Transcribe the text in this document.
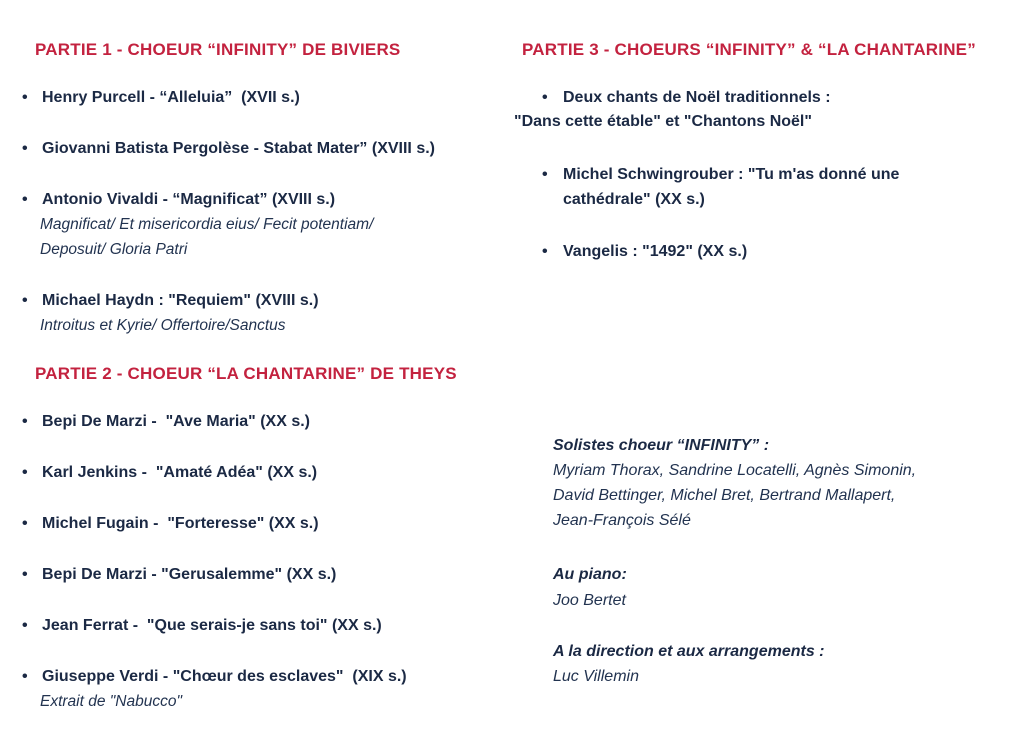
PARTIE 1 - CHOEUR “INFINITY” DE BIVIERS
• Henry Purcell - “Alleluia”  (XVII s.)
• Giovanni Batista Pergolèse - Stabat Mater” (XVIII s.)
• Antonio Vivaldi - “Magnificat” (XVIII s.)
Magnificat/ Et misericordia eius/ Fecit potentiam/
Deposuit/ Gloria Patri
• Michael Haydn : "Requiem" (XVIII s.)
Introitus et Kyrie/ Offertoire/Sanctus
PARTIE 2 - CHOEUR “LA CHANTARINE” DE THEYS
• Bepi De Marzi -  "Ave Maria" (XX s.)
• Karl Jenkins -  "Amaté Adéa" (XX s.)
• Michel Fugain -  "Forteresse" (XX s.)
• Bepi De Marzi - "Gerusalemme" (XX s.)
• Jean Ferrat -  "Que serais-je sans toi" (XX s.)
• Giuseppe Verdi - "Chœur des esclaves"  (XIX s.)
Extrait de "Nabucco"
PARTIE 3 - CHOEURS “INFINITY” & “LA CHANTARINE”
• Deux chants de Noël traditionnels :
"Dans cette étable" et "Chantons Noël"
• Michel Schwingrouber : "Tu m'as donné une
cathédrale" (XX s.)
• Vangelis : "1492" (XX s.)
Solistes choeur “INFINITY” :
Myriam Thorax, Sandrine Locatelli, Agnès Simonin,
David Bettinger, Michel Bret, Bertrand Mallapert,
Jean-François Sélé
Au piano:
Joo Bertet
A la direction et aux arrangements :
Luc Villemin
